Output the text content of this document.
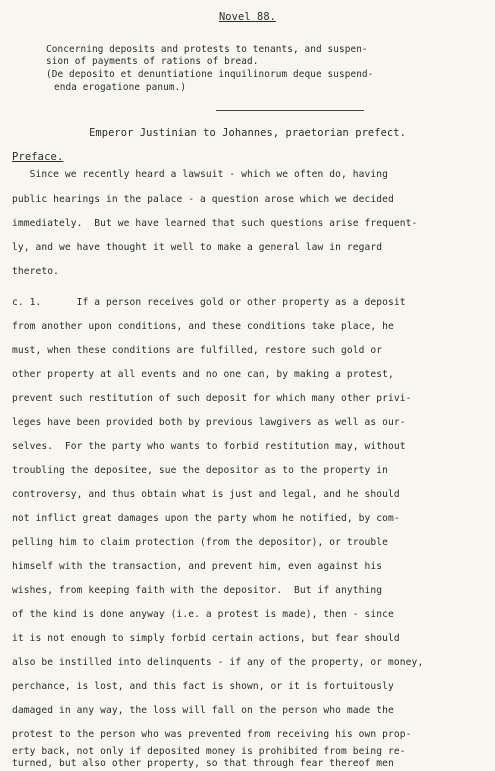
Novel 88.
Concerning deposits and protests to tenants, and suspen-
sion of payments of rations of bread.
(De deposito et denuntiatione inquilinorum deque suspend-
enda erogatione panum.)
Emperor Justinian to Johannes, praetorian prefect.
Preface.
Since we recently heard a lawsuit - which we often do, having
public hearings in the palace - a question arose which we decided
immediately.  But we have learned that such questions arise frequent-
ly, and we have thought it well to make a general law in regard
thereto.
c. 1.      If a person receives gold or other property as a deposit
from another upon conditions, and these conditions take place, he
must, when these conditions are fulfilled, restore such gold or
other property at all events and no one can, by making a protest,
prevent such restitution of such deposit for which many other privi-
leges have been provided both by previous lawgivers as well as our-
selves.  For the party who wants to forbid restitution may, without
troubling the depositee, sue the depositor as to the property in
controversy, and thus obtain what is just and legal, and he should
not inflict great damages upon the party whom he notified, by com-
pelling him to claim protection (from the depositor), or trouble
himself with the transaction, and prevent him, even against his
wishes, from keeping faith with the depositor.  But if anything
of the kind is done anyway (i.e. a protest is made), then - since
it is not enough to simply forbid certain actions, but fear should
also be instilled into delinquents - if any of the property, or money,
perchance, is lost, and this fact is shown, or it is fortuitously
damaged in any way, the loss will fall on the person who made the
protest to the person who was prevented from receiving his own prop-
erty back, not only if deposited money is prohibited from being re-
turned, but also other property, so that through fear thereof men
